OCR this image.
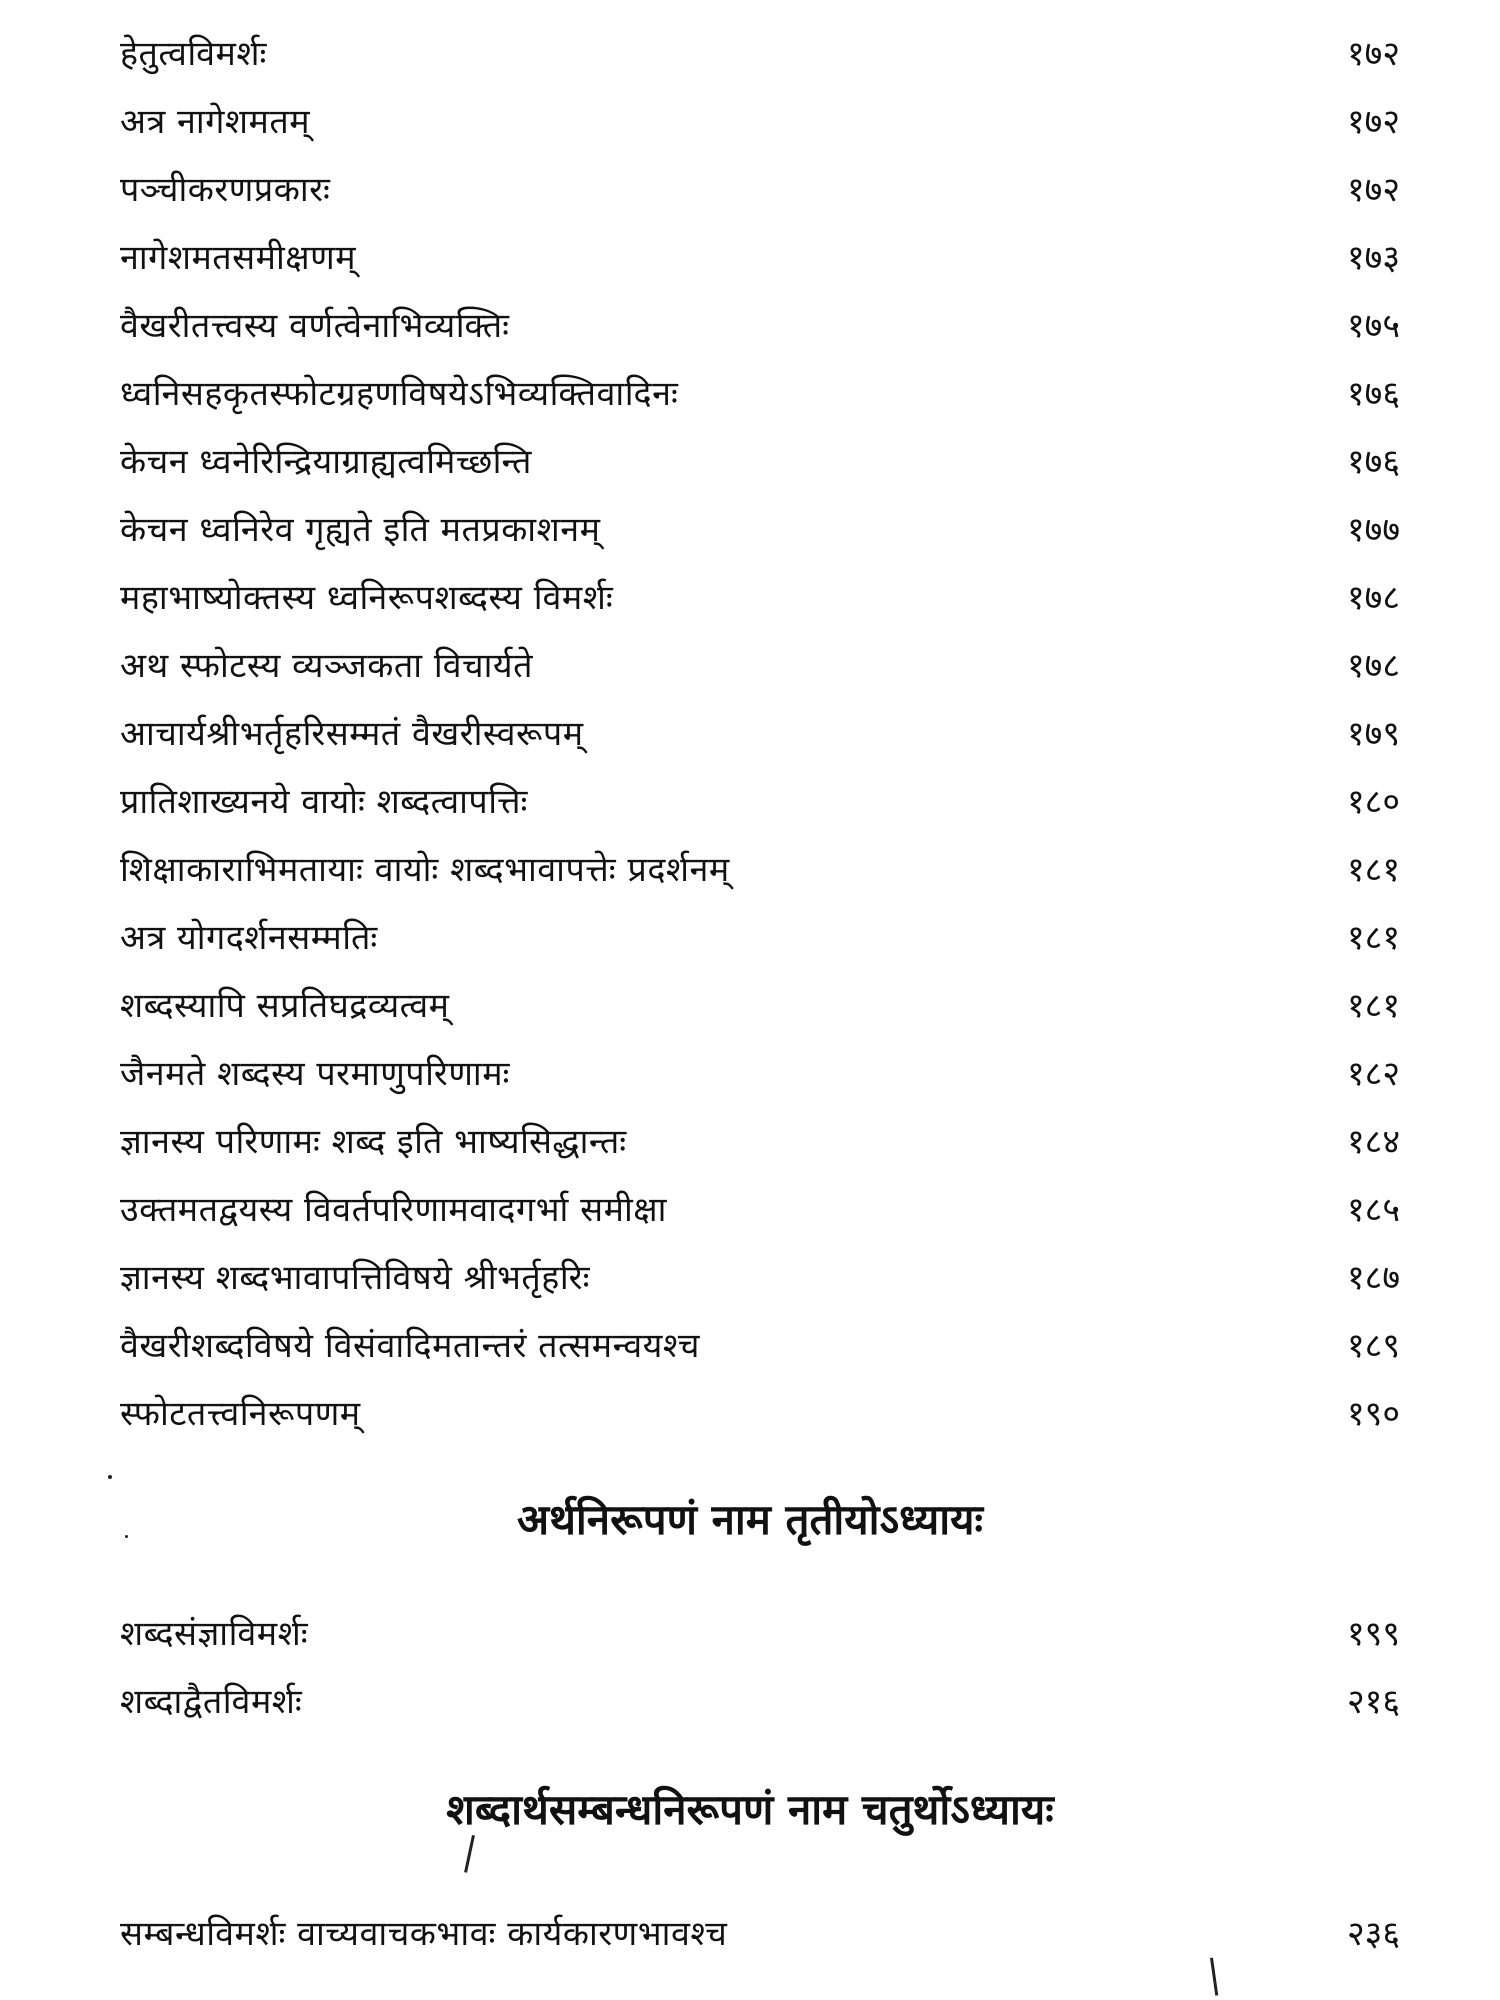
हेतुत्वविमर्शः	१७२
अत्र नागेशमतम्	१७२
पञ्चीकरणप्रकारः	१७२
नागेशमतसमीक्षणम्	१७३
वैखरीतत्त्वस्य वर्णत्वेनाभिव्यक्तिः	१७५
ध्वनिसहकृतस्फोटग्रहणविषयेऽभिव्यक्तिवादिनः	१७६
केचन ध्वनेरिन्द्रियाग्राह्यत्वमिच्छन्ति	१७६
केचन ध्वनिरेव गृह्यते इति मतप्रकाशनम्	१७७
महाभाष्योक्तस्य ध्वनिरूपशब्दस्य विमर्शः	१७८
अथ स्फोटस्य व्यञ्जकता विचार्यते	१७८
आचार्यश्रीभर्तृहरिसम्मतं वैखरीस्वरूपम्	१७९
प्रातिशाख्यनये वायोः शब्दत्वापत्तिः	१८०
शिक्षाकाराभिमतायाः वायोः शब्दभावापत्तेः प्रदर्शनम्	१८१
अत्र योगदर्शनसम्मतिः	१८१
शब्दस्यापि सप्रतिघद्रव्यत्वम्	१८१
जैनमते शब्दस्य परमाणुपरिणामः	१८२
ज्ञानस्य परिणामः शब्द इति भाष्यसिद्धान्तः	१८४
उक्तमतद्वयस्य विवर्तपरिणामवादगर्भा समीक्षा	१८५
ज्ञानस्य शब्दभावापत्तिविषये श्रीभर्तृहरिः	१८७
वैखरीशब्दविषये विसंवादिमतान्तरं तत्समन्वयश्च	१८९
स्फोटतत्त्वनिरूपणम्	१९०
अर्थनिरूपणं नाम तृतीयोऽध्यायः
शब्दसंज्ञाविमर्शः	१९९
शब्दाद्वैतविमर्शः	२१६
शब्दार्थसम्बन्धनिरूपणं नाम चतुर्थोऽध्यायः
सम्बन्धविमर्शः वाच्यवाचकभावः कार्यकारणभावश्च	२३६
